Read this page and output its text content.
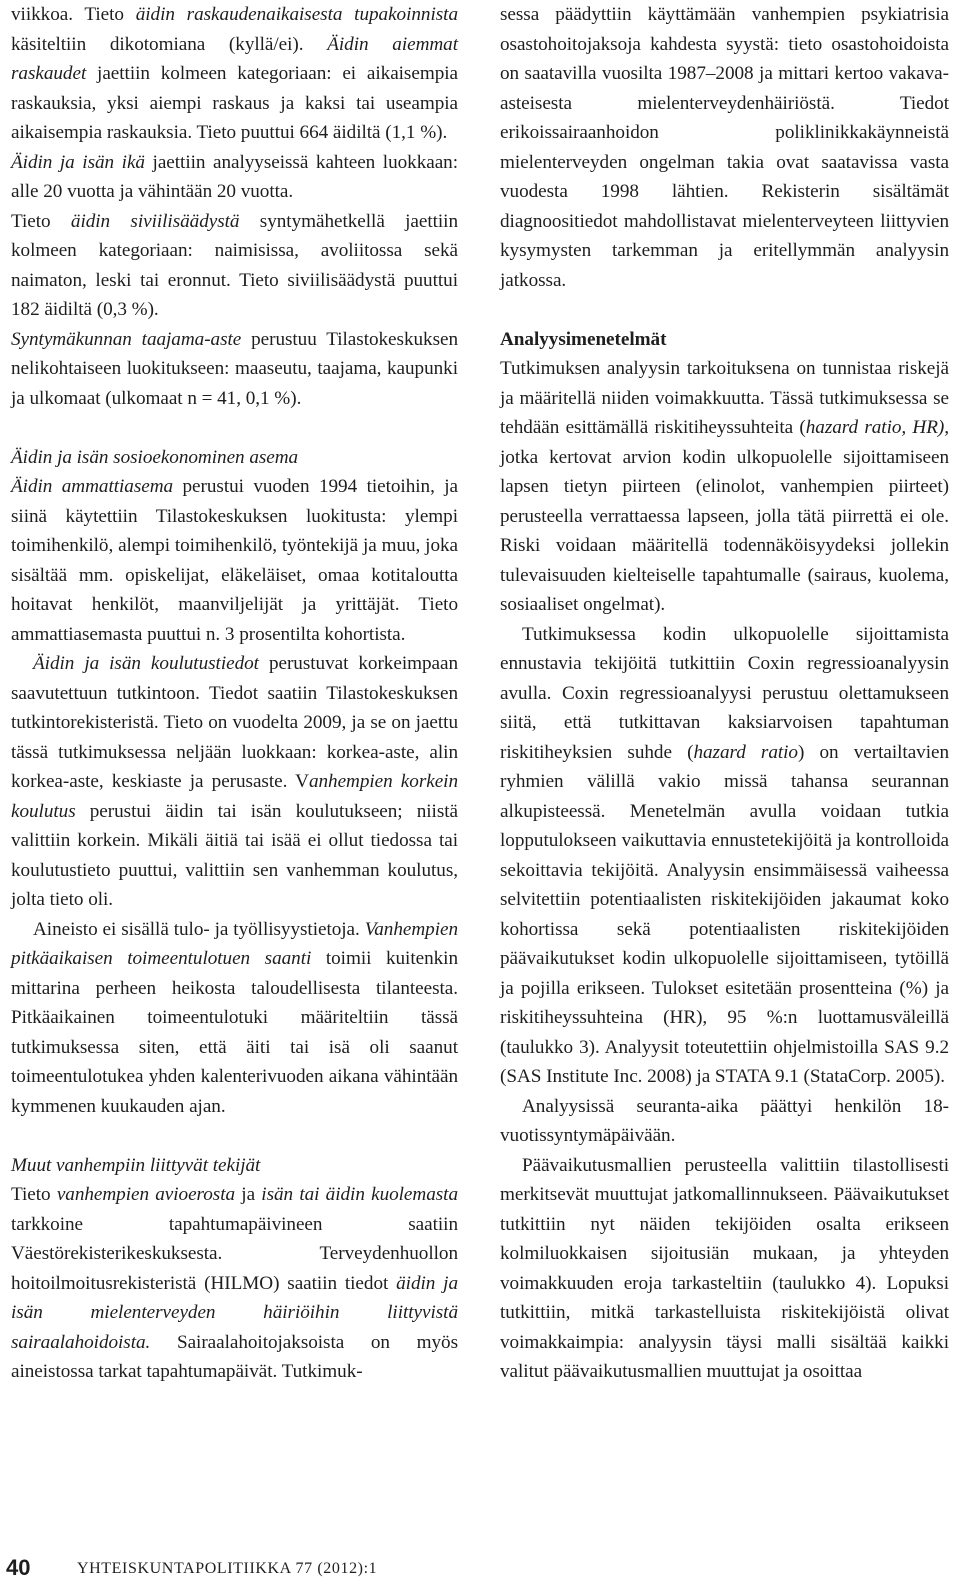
viikkoa. Tieto äidin raskaudenaikaisesta tupakoinnista käsiteltiin dikotomiana (kyllä/ei). Äidin aiemmat raskaudet jaettiin kolmeen kategoriaan: ei aikaisempia raskauksia, yksi aiempi raskaus ja kaksi tai useampia aikaisempia raskauksia. Tieto puuttui 664 äidiltä (1,1 %).

Äidin ja isän ikä jaettiin analyyseissä kahteen luokkaan: alle 20 vuotta ja vähintään 20 vuotta.

Tieto äidin siviilisäädystä syntymähetkellä jaettiin kolmeen kategoriaan: naimisissa, avoliitossa sekä naimaton, leski tai eronnut. Tieto siviilisäädystä puuttui 182 äidiltä (0,3 %).

Syntymäkunnan taajama-aste perustuu Tilastokeskuksen nelikohtaiseen luokitukseen: maaseutu, taajama, kaupunki ja ulkomaat (ulkomaat n = 41, 0,1 %).

Äidin ja isän sosioekonominen asema

Äidin ammattiasema perustui vuoden 1994 tietoihin, ja siinä käytettiin Tilastokeskuksen luokitusta: ylempi toimihenkilö, alempi toimihenkilö, työntekijä ja muu, joka sisältää mm. opiskelijat, eläkeläiset, omaa kotitaloutta hoitavat henkilöt, maanviljelijät ja yrittäjät. Tieto ammattiasemasta puuttui n. 3 prosentilta kohortista.

Äidin ja isän koulutustiedot perustuvat korkeimpaan saavutettuun tutkintoon. Tiedot saatiin Tilastokeskuksen tutkintorekisteristä. Tieto on vuodelta 2009, ja se on jaettu tässä tutkimuksessa neljään luokkaan: korkea-aste, alin korkea-aste, keskiaste ja perusaste. Vanhempien korkein koulutus perustui äidin tai isän koulutukseen; niistä valittiin korkein. Mikäli äitiä tai isää ei ollut tiedossa tai koulutustieto puuttui, valittiin sen vanhemman koulutus, jolta tieto oli.

Aineisto ei sisällä tulo- ja työllisyystietoja. Vanhempien pitkäaikaisen toimeentulotuen saanti toimii kuitenkin mittarina perheen heikosta taloudellisesta tilanteesta. Pitkäaikainen toimeentulotuki määriteltiin tässä tutkimuksessa siten, että äiti tai isä oli saanut toimeentulotukea yhden kalenterivuoden aikana vähintään kymmenen kuukauden ajan.

Muut vanhempiin liittyvät tekijät

Tieto vanhempien avioerosta ja isän tai äidin kuolemasta tarkkoine tapahtumapäivineen saatiin Väestörekisterikeskuksesta. Terveydenhuollon hoitoilmoitusrekisteristä (HILMO) saatiin tiedot äidin ja isän mielenterveyden häiriöihin liittyvistä sairaalahoidoista. Sairaalahoitojaksoista on myös aineistossa tarkat tapahtumapäivät. Tutkimuk-

sessa päädyttiin käyttämään vanhempien psykiatrisia osastohoitojaksoja kahdesta syystä: tieto osastohoidoista on saatavilla vuosilta 1987–2008 ja mittari kertoo vakava-asteisesta mielenterveydenhäiriöstä. Tiedot erikoissairaanhoidon poliklinikkakäynneistä mielenterveyden ongelman takia ovat saatavissa vasta vuodesta 1998 lähtien. Rekisterin sisältämät diagnoositiedot mahdollistavat mielenterveyteen liittyvien kysymysten tarkemman ja eritellymmän analyysin jatkossa.

Analyysimenetelmät

Tutkimuksen analyysin tarkoituksena on tunnistaa riskejä ja määritellä niiden voimakkuutta. Tässä tutkimuksessa se tehdään esittämällä riskitiheyssuhteita (hazard ratio, HR), jotka kertovat arvion kodin ulkopuolelle sijoittamiseen lapsen tietyn piirteen (elinolot, vanhempien piirteet) perusteella verrattaessa lapseen, jolla tätä piirrettä ei ole. Riski voidaan määritellä todennäköisyydeksi jollekin tulevaisuuden kielteiselle tapahtumalle (sairaus, kuolema, sosiaaliset ongelmat).

Tutkimuksessa kodin ulkopuolelle sijoittamista ennustavia tekijöitä tutkittiin Coxin regressioanalyysin avulla. Coxin regressioanalyysi perustuu olettamukseen siitä, että tutkittavan kaksiarvoisen tapahtuman riskitiheyksien suhde (hazard ratio) on vertailtavien ryhmien välillä vakio missä tahansa seurannan alkupisteessä. Menetelmän avulla voidaan tutkia lopputulokseen vaikuttavia ennustetekijöitä ja kontrolloida sekoittavia tekijöitä. Analyysin ensimmäisessä vaiheessa selvitettiin potentiaalisten riskitekijöiden jakaumat koko kohortissa sekä potentiaalisten riskitekijöiden päävaikutukset kodin ulkopuolelle sijoittamiseen, tytöillä ja pojilla erikseen. Tulokset esitetään prosentteina (%) ja riskitiheyssuhteina (HR), 95 %:n luottamusväleillä (taulukko 3). Analyysit toteutettiin ohjelmistoilla SAS 9.2 (SAS Institute Inc. 2008) ja STATA 9.1 (StataCorp. 2005).

Analyysissä seuranta-aika päättyi henkilön 18-vuotissyntymäpäivään.

Päävaikutusmallien perusteella valittiin tilastollisesti merkitsevät muuttujat jatkomallinnukseen. Päävaikutukset tutkittiin nyt näiden tekijöiden osalta erikseen kolmiluokkaisen sijoitusiän mukaan, ja yhteyden voimakkuuden eroja tarkasteltiin (taulukko 4). Lopuksi tutkittiin, mitkä tarkastelluista riskitekijöistä olivat voimakkaimpia: analyysin täysi malli sisältää kaikki valitut päävaikutusmallien muuttujat ja osoittaa

40	YHTEISKUNTAPOLITIIKKA 77 (2012):1
